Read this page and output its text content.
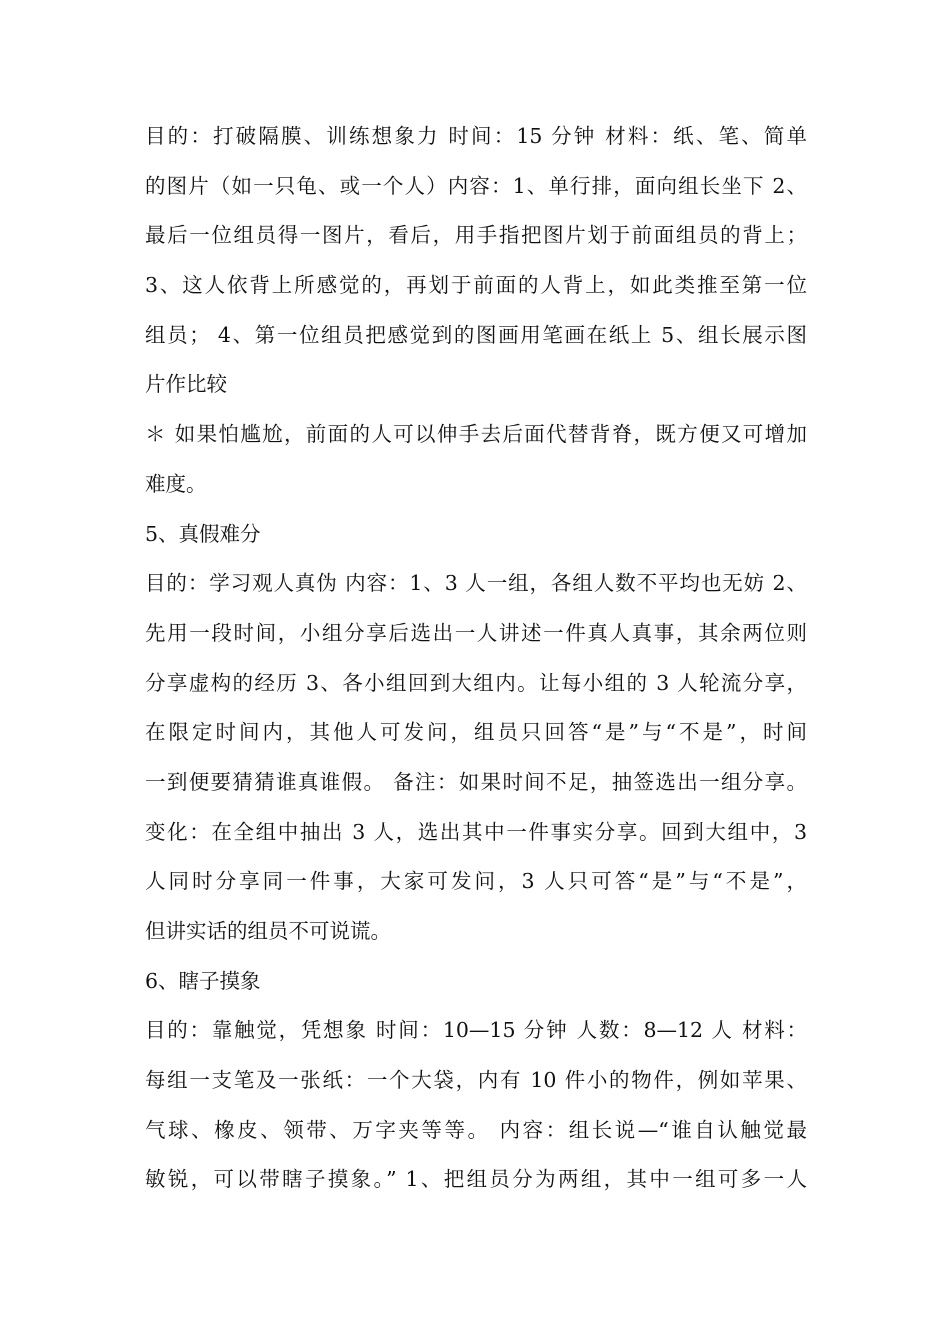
目的：打破隔膜、训练想象力 时间：15 分钟 材料：纸、笔、简单
的图片（如一只龟、或一个人）内容：1、单行排，面向组长坐下 2、
最后一位组员得一图片，看后，用手指把图片划于前面组员的背上；
3、这人依背上所感觉的，再划于前面的人背上，如此类推至第一位
组员； 4、第一位组员把感觉到的图画用笔画在纸上 5、组长展示图
片作比较
＊ 如果怕尴尬，前面的人可以伸手去后面代替背脊，既方便又可增加
难度。
5、真假难分
目的：学习观人真伪 内容：1、3 人一组，各组人数不平均也无妨 2、
先用一段时间，小组分享后选出一人讲述一件真人真事，其余两位则
分享虚构的经历 3、各小组回到大组内。让每小组的 3 人轮流分享，
在限定时间内，其他人可发问，组员只回答“是”与“不是”，时间
一到便要猜猜谁真谁假。 备注：如果时间不足，抽签选出一组分享。
变化：在全组中抽出 3 人，选出其中一件事实分享。回到大组中，3
人同时分享同一件事，大家可发问，3 人只可答“是”与“不是”，
但讲实话的组员不可说谎。
6、瞎子摸象
目的：靠触觉，凭想象 时间：10—15 分钟 人数：8—12 人 材料：
每组一支笔及一张纸：一个大袋，内有 10 件小的物件，例如苹果、
气球、橡皮、领带、万字夹等等。 内容：组长说—“谁自认触觉最
敏锐，可以带瞎子摸象。” 1、把组员分为两组，其中一组可多一人
